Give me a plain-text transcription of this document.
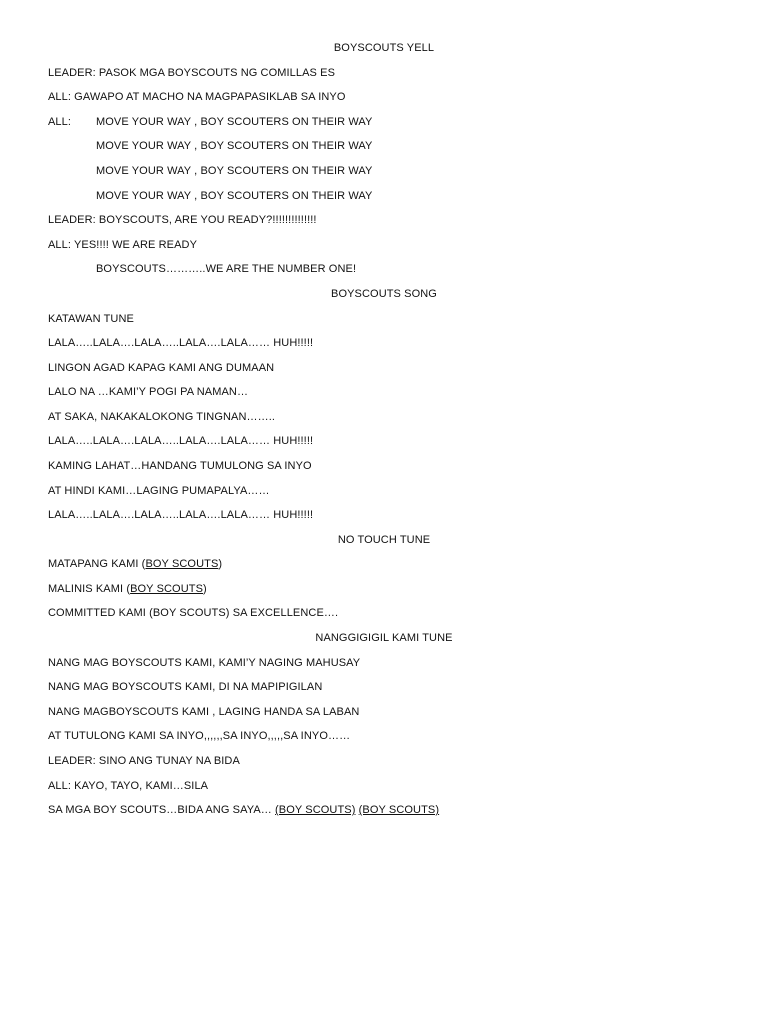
BOYSCOUTS YELL
LEADER: PASOK MGA BOYSCOUTS NG COMILLAS ES
ALL: GAWAPO AT MACHO NA MAGPAPASIKLAB SA INYO
ALL: MOVE YOUR WAY , BOY SCOUTERS ON THEIR WAY
MOVE YOUR WAY , BOY SCOUTERS ON THEIR WAY
MOVE YOUR WAY , BOY SCOUTERS ON THEIR WAY
MOVE YOUR WAY , BOY SCOUTERS ON THEIR WAY
LEADER: BOYSCOUTS, ARE YOU READY?!!!!!!!!!!!!!!
ALL: YES!!!! WE ARE READY
BOYSCOUTS………..WE ARE THE NUMBER ONE!
BOYSCOUTS SONG
KATAWAN TUNE
LALA…..LALA….LALA…..LALA….LALA…… HUH!!!!!
LINGON AGAD KAPAG KAMI ANG DUMAAN
LALO NA …KAMI’Y POGI PA NAMAN…
AT SAKA, NAKAKALOKONG TINGNAN……..
LALA…..LALA….LALA…..LALA….LALA…… HUH!!!!!
KAMING LAHAT…HANDANG TUMULONG SA INYO
AT HINDI KAMI…LAGING PUMAPALYA……
LALA…..LALA….LALA…..LALA….LALA…… HUH!!!!!
NO TOUCH TUNE
MATAPANG KAMI (BOY SCOUTS)
MALINIS KAMI (BOY SCOUTS)
COMMITTED KAMI (BOY SCOUTS) SA EXCELLENCE….
NANGGIGIGIL KAMI TUNE
NANG MAG BOYSCOUTS KAMI, KAMI’Y NAGING MAHUSAY
NANG MAG BOYSCOUTS KAMI, DI NA MAPIPIGILAN
NANG MAGBOYSCOUTS KAMI , LAGING HANDA SA LABAN
AT TUTULONG KAMI SA INYO,,,,,,SA INYO,,,,,SA INYO……
LEADER: SINO ANG TUNAY NA BIDA
ALL: KAYO, TAYO, KAMI…SILA
SA MGA BOY SCOUTS…BIDA ANG SAYA… (BOY SCOUTS) (BOY SCOUTS)
